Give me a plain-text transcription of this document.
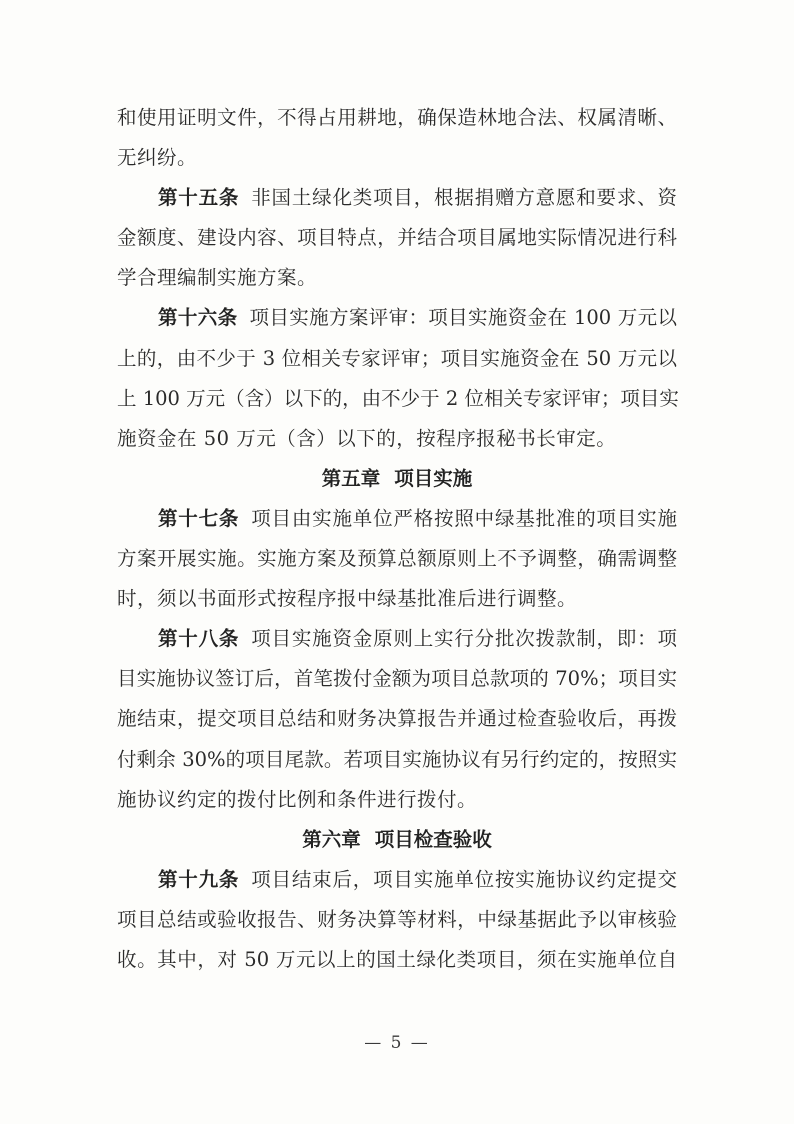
和使用证明文件，不得占用耕地，确保造林地合法、权属清晰、
无纠纷。
第十五条 非国土绿化类项目，根据捐赠方意愿和要求、资
金额度、建设内容、项目特点，并结合项目属地实际情况进行科
学合理编制实施方案。
第十六条 项目实施方案评审：项目实施资金在 100 万元以
上的，由不少于 3 位相关专家评审；项目实施资金在 50 万元以
上 100 万元（含）以下的，由不少于 2 位相关专家评审；项目实
施资金在 50 万元（含）以下的，按程序报秘书长审定。
第五章 项目实施
第十七条 项目由实施单位严格按照中绿基批准的项目实施
方案开展实施。实施方案及预算总额原则上不予调整，确需调整
时，须以书面形式按程序报中绿基批准后进行调整。
第十八条 项目实施资金原则上实行分批次拨款制，即：项
目实施协议签订后，首笔拨付金额为项目总款项的 70%；项目实
施结束，提交项目总结和财务决算报告并通过检查验收后，再拨
付剩余 30%的项目尾款。若项目实施协议有另行约定的，按照实
施协议约定的拨付比例和条件进行拨付。
第六章 项目检查验收
第十九条 项目结束后，项目实施单位按实施协议约定提交
项目总结或验收报告、财务决算等材料，中绿基据此予以审核验
收。其中，对 50 万元以上的国土绿化类项目，须在实施单位自
— 5 —
